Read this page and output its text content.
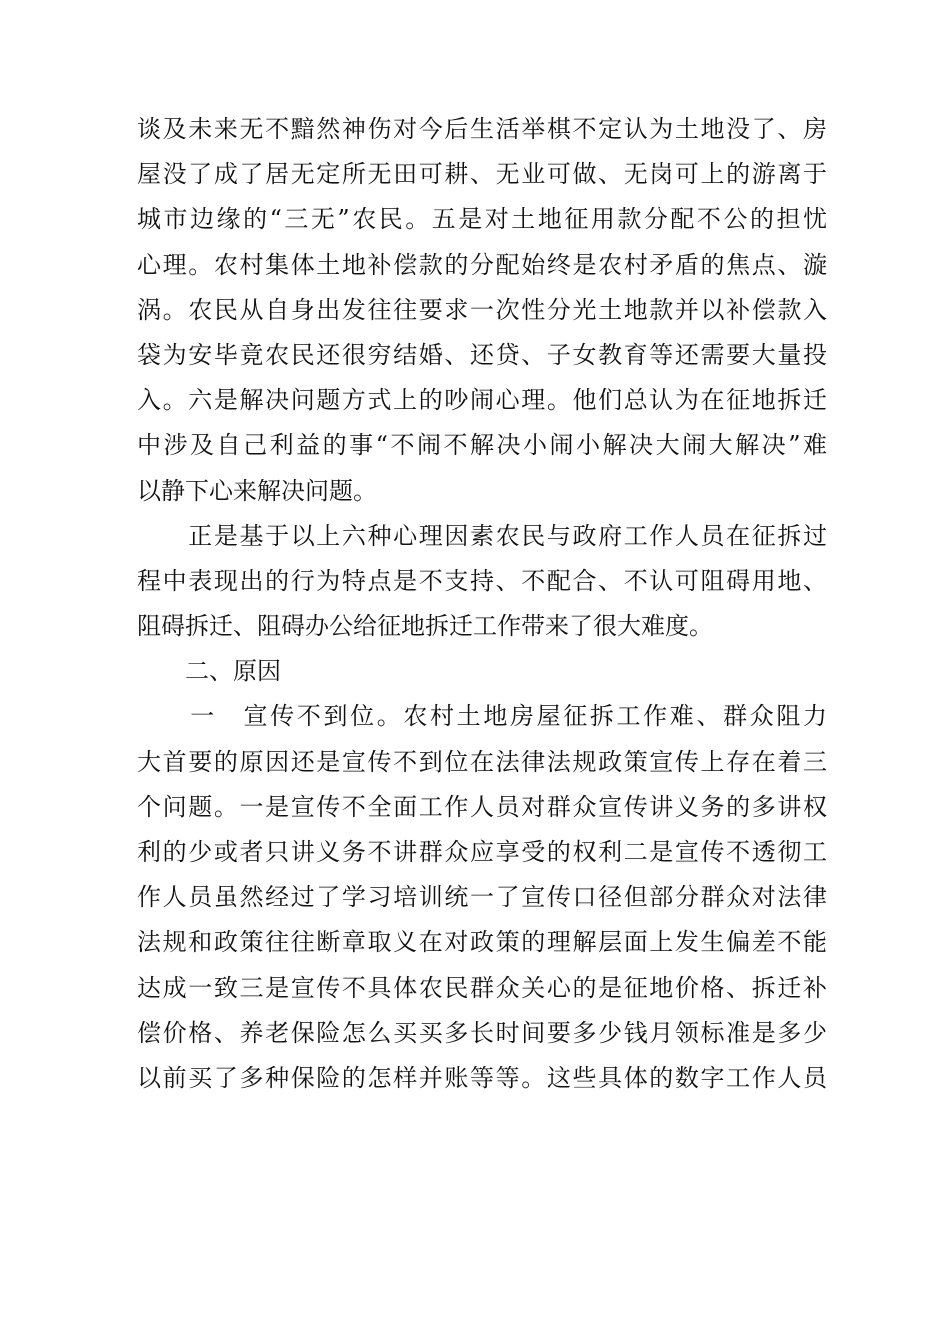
谈及未来无不黯然神伤对今后生活举棋不定认为土地没了、房
屋没了成了居无定所无田可耕、无业可做、无岗可上的游离于
城市边缘的“三无”农民。五是对土地征用款分配不公的担忧
心理。农村集体土地补偿款的分配始终是农村矛盾的焦点、漩
涡。农民从自身出发往往要求一次性分光土地款并以补偿款入
袋为安毕竟农民还很穷结婚、还贷、子女教育等还需要大量投
入。六是解决问题方式上的吵闹心理。他们总认为在征地拆迁
中涉及自己利益的事“不闹不解决小闹小解决大闹大解决”难
以静下心来解决问题。
　　正是基于以上六种心理因素农民与政府工作人员在征拆过
程中表现出的行为特点是不支持、不配合、不认可阻碍用地、
阻碍拆迁、阻碍办公给征地拆迁工作带来了很大难度。
　　二、原因
　　一　宣传不到位。农村土地房屋征拆工作难、群众阻力
大首要的原因还是宣传不到位在法律法规政策宣传上存在着三
个问题。一是宣传不全面工作人员对群众宣传讲义务的多讲权
利的少或者只讲义务不讲群众应享受的权利二是宣传不透彻工
作人员虽然经过了学习培训统一了宣传口径但部分群众对法律
法规和政策往往断章取义在对政策的理解层面上发生偏差不能
达成一致三是宣传不具体农民群众关心的是征地价格、拆迁补
偿价格、养老保险怎么买买多长时间要多少钱月领标准是多少
以前买了多种保险的怎样并账等等。这些具体的数字工作人员
